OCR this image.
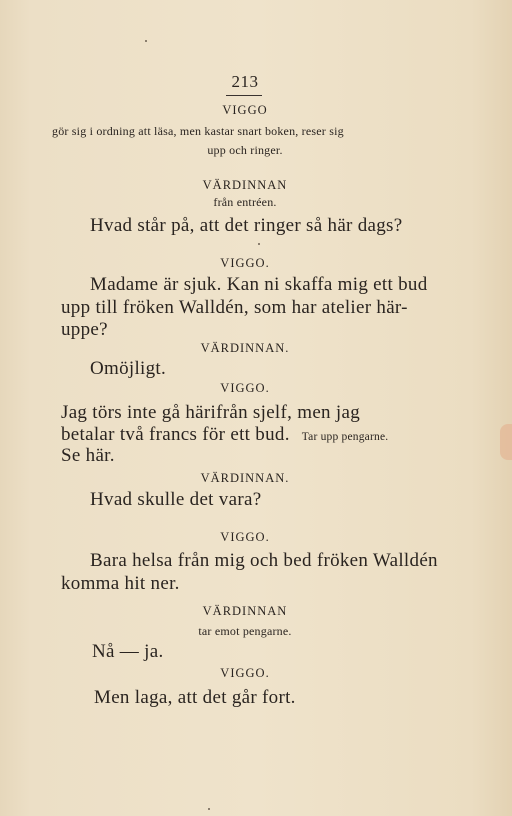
213
VIGGO
gör sig i ordning att läsa, men kastar snart boken, reser sig
upp och ringer.
VÄRDINNAN
från entréen.
Hvad står på, att det ringer så här dags?
VIGGO.
Madame är sjuk. Kan ni skaffa mig ett bud
upp till fröken Walldén, som har atelier här-
uppe?
VÄRDINNAN.
Omöjligt.
VIGGO.
Jag törs inte gå härifrån sjelf, men jag
betalar två francs för ett bud. Tar upp pengarne.
Se här.
VÄRDINNAN.
Hvad skulle det vara?
VIGGO.
Bara helsa från mig och bed fröken Walldén
komma hit ner.
VÄRDINNAN
tar emot pengarne.
Nå — ja.
VIGGO.
Men laga, att det går fort.
